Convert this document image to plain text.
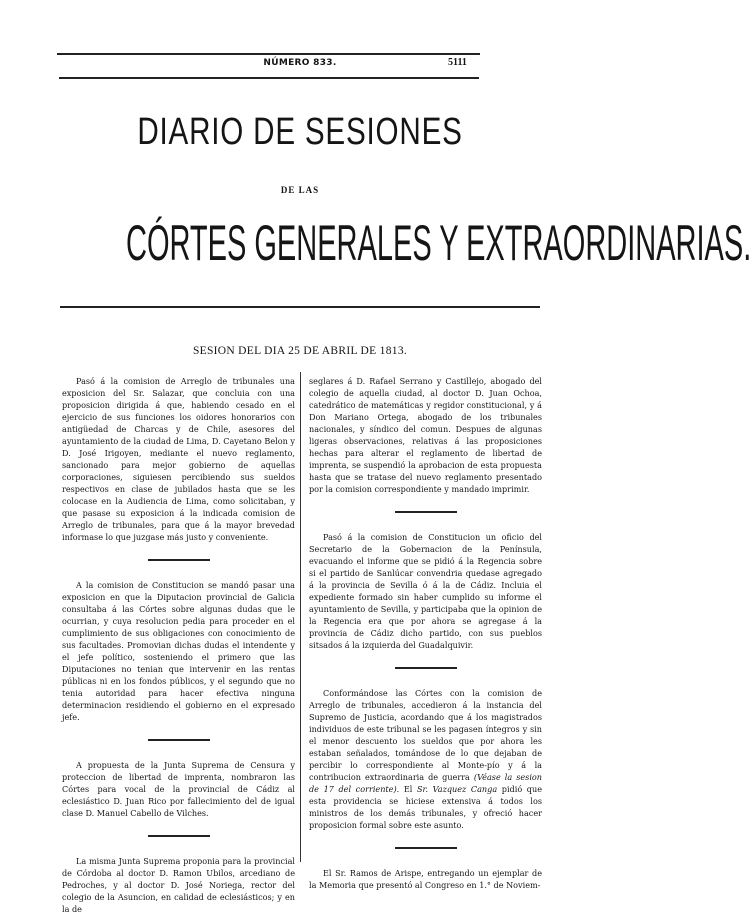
NÚMERO 833.	5111
DIARIO DE SESIONES
DE LAS
CÓRTES GENERALES Y EXTRAORDINARIAS.
SESION DEL DIA 25 DE ABRIL DE 1813.

Pasó á la comision de Arreglo de tribunales una exposicion del Sr. Salazar, que concluia con una proposicion dirigida á que, habiendo cesado en el ejercicio de sus funciones los oidores honorarios con antigüedad de Charcas y de Chile, asesores del ayuntamiento de la ciudad de Lima, D. Cayetano Belon y D. José Irigoyen, mediante el nuevo reglamento, sancionado para mejor gobierno de aquellas corporaciones, siguiesen percibiendo sus sueldos respectivos en clase de jubilados hasta que se les colocase en la Audiencia de Lima, como solicitaban, y que pasase su exposicion á la indicada comision de Arreglo de tribunales, para que á la mayor brevedad informase lo que juzgase más justo y conveniente.

A la comision de Constitucion se mandó pasar una exposicion en que la Diputacion provincial de Galicia consultaba á las Córtes sobre algunas dudas que le ocurrian, y cuya resolucion pedia para proceder en el cumplimiento de sus obligaciones con conocimiento de sus facultades. Promovian dichas dudas el intendente y el jefe político, sosteniendo el primero que las Diputaciones no tenian que intervenir en las rentas públicas ni en los fondos públicos, y el segundo que no tenia autoridad para hacer efectiva ninguna determinacion residiendo el gobierno en el expresado jefe.

A propuesta de la Junta Suprema de Censura y proteccion de libertad de imprenta, nombraron las Córtes para vocal de la provincial de Cádiz al eclesiástico D. Juan Rico por fallecimiento del de igual clase D. Manuel Cabello de Vilches.

La misma Junta Suprema proponia para la provincial de Córdoba al doctor D. Ramon Ubilos, arcediano de Pedroches, y al doctor D. José Noriega, rector del colegio de la Asuncion, en calidad de eclesiásticos; y en la de

seglares á D. Rafael Serrano y Castillejo, abogado del colegio de aquella ciudad, al doctor D. Juan Ochoa, catedrático de matemáticas y regidor constitucional, y á Don Mariano Ortega, abogado de los tribunales nacionales, y síndico del comun. Despues de algunas ligeras observaciones, relativas á las proposiciones hechas para alterar el reglamento de libertad de imprenta, se suspendió la aprobacion de esta propuesta hasta que se tratase del nuevo reglamento presentado por la comision correspondiente y mandado imprimir.

Pasó á la comision de Constitucion un oficio del Secretario de la Gobernacion de la Península, evacuando el informe que se pidió á la Regencia sobre si el partido de Sanlúcar convendria quedase agregado á la provincia de Sevilla ó á la de Cádiz. Incluia el expediente formado sin haber cumplido su informe el ayuntamiento de Sevilla, y participaba que la opinion de la Regencia era que por ahora se agregase á la provincia de Cádiz dicho partido, con sus pueblos sitsados á la izquierda del Guadalquivir.

Conformándose las Córtes con la comision de Arreglo de tribunales, accedieron á la instancia del Supremo de Justicia, acordando que á los magistrados individuos de este tribunal se les pagasen íntegros y sin el menor descuento los sueldos que por ahora les estaban señalados, tomándose de lo que dejaban de percibir lo correspondiente al Monte-pío y á la contribucion extraordinaria de guerra (Véase la sesion de 17 del corriente). El Sr. Vazquez Canga pidió que esta providencia se hiciese extensiva á todos los ministros de los demás tribunales, y ofreció hacer proposicion formal sobre este asunto.

El Sr. Ramos de Arispe, entregando un ejemplar de la Memoria que presentó al Congreso en 1.° de Noviem-
